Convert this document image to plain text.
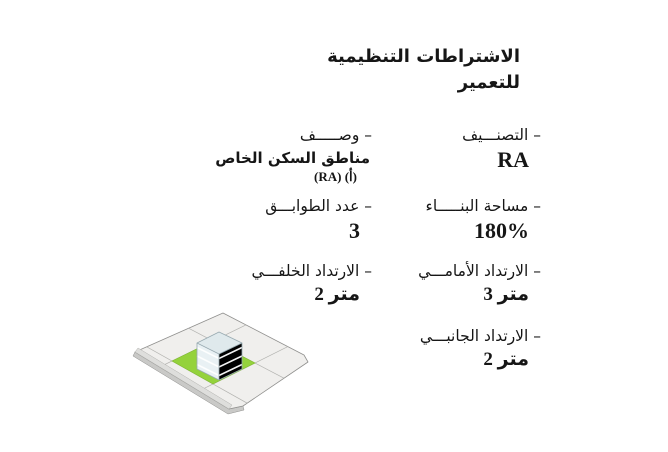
الاشتراطات التنظيمية
للتعمير
– التصنـــيف
RA
– مساحة البنـــــاء
180%
– الارتداد الأمامـــي
3 متر
– الارتداد الجانبـــي
2 متر
– وصـــــف
مناطق السكن الخاص
(RA) (أ)
– عدد الطوابـــق
3
– الارتداد الخلفـــي
2 متر
